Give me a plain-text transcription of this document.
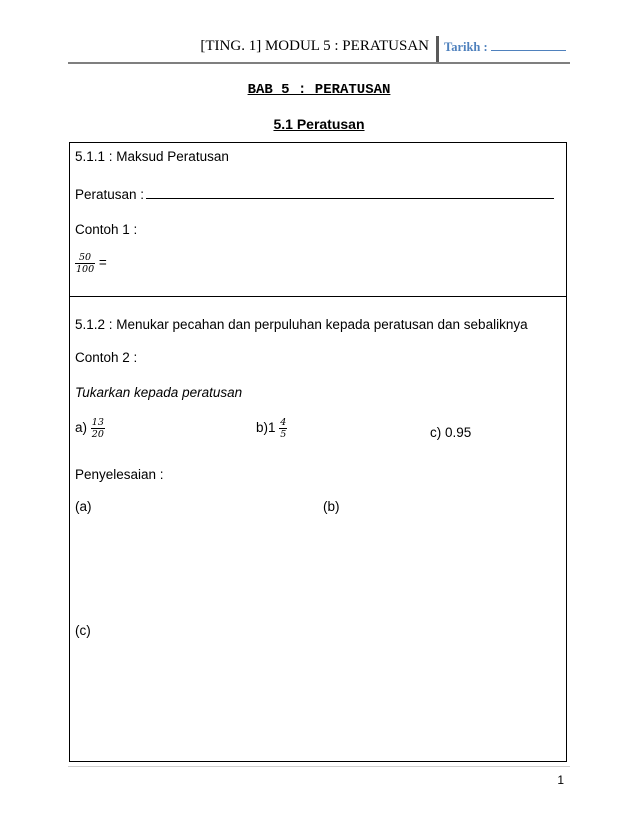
[TING. 1] MODUL 5 : PERATUSAN Tarikh :
BAB 5 : PERATUSAN
5.1 Peratusan
5.1.1 : Maksud Peratusan
Peratusan :
Contoh 1 :
$\frac{50}{100}$ =
5.1.2 : Menukar pecahan dan perpuluhan kepada peratusan dan sebaliknya
Contoh 2 :
Tukarkan kepada peratusan
$a) \frac{13}{20}$	$b)1 \frac{4}{5}$	c) 0.95
Penyelesaian :
(a)	(b)
(c)
1
